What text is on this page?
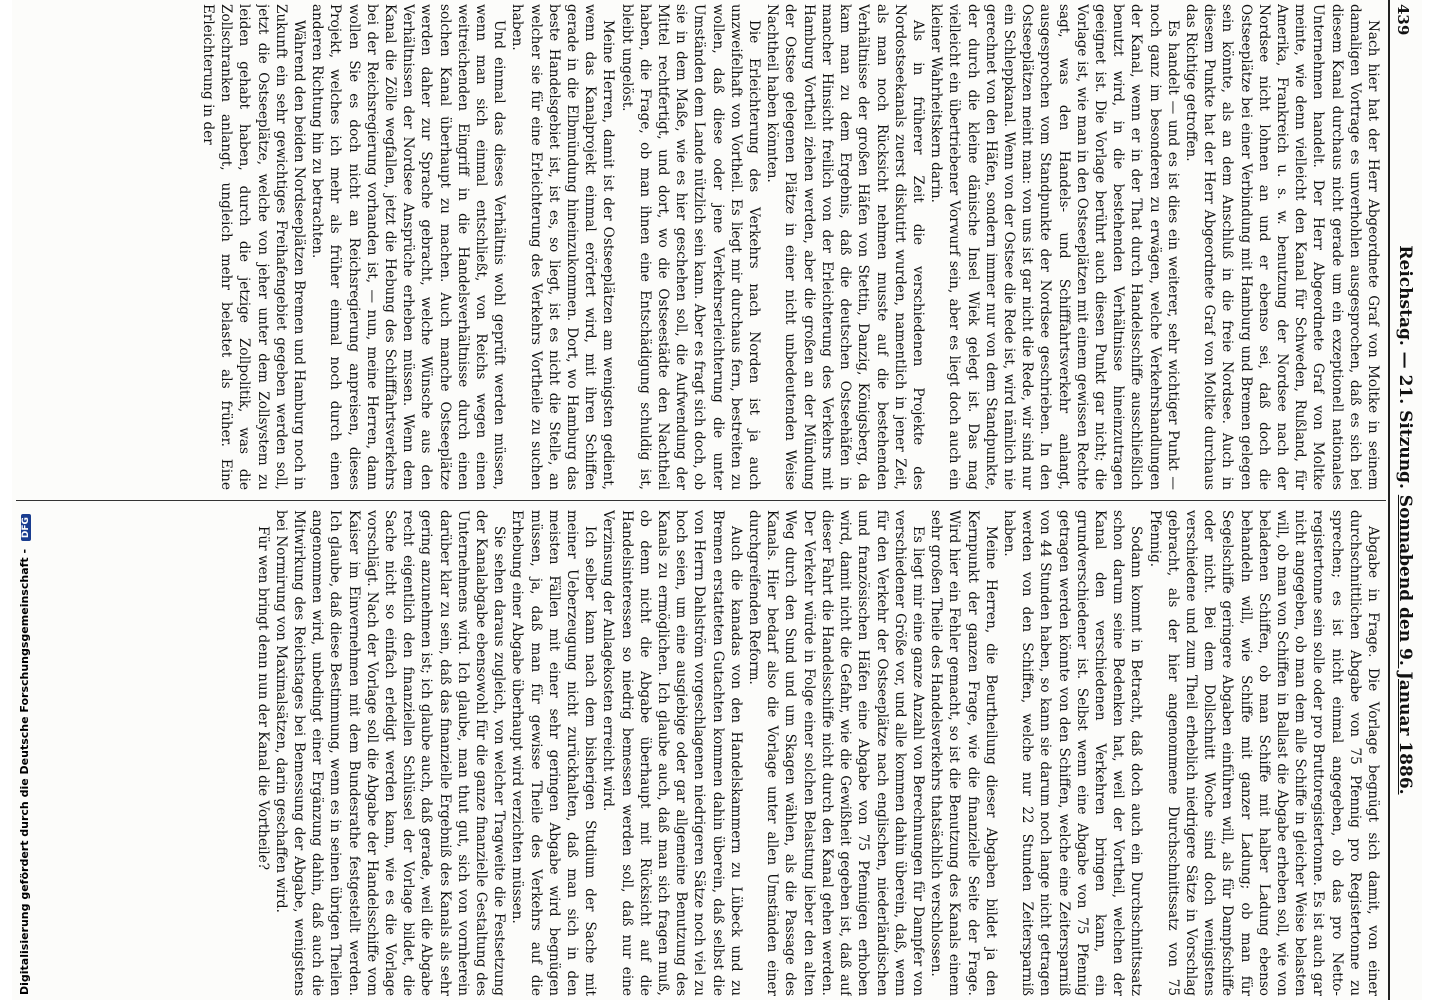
439
Reichstag. — 21. Sitzung. Sonnabend den 9. Januar 1886.

Nach hier hat der Herr Abgeordnete Graf von Moltke in seinem damaligen Vortrage es unverhohlen ausgesprochen, daß es sich bei diesem Kanal durchaus nicht gerade um ein exzeptionell nationales Unternehmen handelt. Der Herr Abgeordnete Graf von Moltke meinte, wie denn vielleicht den Kanal für Schweden, Rußland, für Amerika, Frankreich u. s. w. benutzung der Nordsee nach der Nordsee nicht lohnen an und er ebenso sei, daß doch die Ostseeplätze bei einer Verbindung mit Hamburg und Bremen gelegen sein könnte, als an dem Anschluß in die freie Nordsee. Auch in diesem Punkte hat der Herr Abgeordnete Graf von Moltke durchaus das Richtige getroffen.

Es handelt — und es ist dies ein weiterer, sehr wichtiger Punkt — noch ganz im besonderen zu erwägen, welche Verkehrshandlungen der Kanal, wenn er in der That durch Handelsschiffe ausschließlich benutzt wird, in die bestehenden Verhältnisse hineinzutragen geeignet ist. Die Vorlage berührt auch diesen Punkt gar nicht; die Vorlage ist, wie man in den Ostseeplätzen mit einem gewissen Rechte sagt, was den Handels- und Schifffahrtsverkehr anlangt, ausgesprochen vom Standpunkte der Nordsee geschrieben. In den Ostseeplätzen meint man: von uns ist gar nicht die Rede, wir sind nur ein Schleppkanal. Wenn von der Ostsee die Rede ist, wird nämlich nie gerechnet von den Häfen, sondern immer nur von dem Standpunkte, der durch die kleine dänische Insel Wiek gelegt ist. Das mag vielleicht ein übertriebener Vorwurf sein, aber es liegt doch auch ein kleiner Wahrheitskern darin.

Als in früherer Zeit die verschiedenen Projekte des Nordostseekanals zuerst diskutirt wurden, namentlich in jener Zeit, als man noch Rücksicht nehmen musste auf die bestehenden Verhältnisse der großen Häfen von Stettin, Danzig, Königsberg, da kam man zu dem Ergebnis, daß die deutschen Ostseehäfen in mancher Hinsicht freilich von der Erleichterung des Verkehrs mit Hamburg Vortheil ziehen werden, aber die großen an der Mündung der Ostsee gelegenen Plätze in einer nicht unbedeutenden Weise Nachtheil haben könnten.

Die Erleichterung des Verkehrs nach Norden ist ja auch unzweifelhaft von Vortheil. Es liegt mir durchaus fern, bestreiten zu wollen, daß diese oder jene Verkehrserleichterung die unter Umständen dem Lande nützlich sein kann. Aber es fragt sich doch, ob sie in dem Maße, wie es hier geschehen soll, die Aufwendung der Mittel rechtfertigt, und dort, wo die Ostseestädte den Nachtheil haben, die Frage, ob man ihnen eine Entschädigung schuldig ist, bleibt ungelöst.

Meine Herren, damit ist der Ostseeplätzen am wenigsten gedient, wenn das Kanalprojekt einmal erörtert wird, mit ihren Schiffen gerade in die Elbmündung hineinzukommen. Dort, wo Hamburg das beste Handelsgebiet ist, ist es, so liegt, ist es nicht die Stelle, an welcher sie für eine Erleichterung des Verkehrs Vortheile zu suchen haben.

Und einmal das dieses Verhältnis wohl geprüft werden müssen, wenn man sich einmal entschließt, von Reichs wegen einen weitreichenden Eingriff in die Handelsverhältnisse durch einen solchen Kanal überhaupt zu machen. Auch manche Ostseeplätze werden daher zur Sprache gebracht, welche Wünsche aus den Verhältnissen der Nordsee Ansprüche erheben müssen. Wenn dem Kanal die Zölle wegfallen, jetzt die Hebung des Schifffahrtsverkehrs bei der Reichsregierung vorhanden ist, — nun, meine Herren, dann wollen Sie es doch nicht an Reichsregierung anpreisen, dieses Projekt, welches ich mehr als früher einmal noch durch einen anderen Richtung hin zu betrachten.

Während den beiden Nordseeplätzen Bremen und Hamburg noch in Zukunft ein sehr gewichtiges Freihafengebiet gegeben werden soll, jetzt die Ostseeplätze, welche von jeher unter dem Zollsystem zu leiden gehabt haben, durch die jetzige Zollpolitik, was die Zollschranken anlangt, ungleich mehr belastet als früher. Eine Erleichterung in der

Abgabe in Frage. Die Vorlage begnügt sich damit, von einer durchschnittlichen Abgabe von 75 Pfennig pro Registertonne zu sprechen; es ist nicht einmal angegeben, ob das pro Netto-registertonne sein solle oder pro Bruttoregistertonne. Es ist auch gar nicht angegeben, ob man dem alle Schiffe in gleicher Weise belasten will, ob man von Schiffen in Ballast die Abgabe erheben soll, wie von beladenen Schiffen, ob man Schiffe mit halber Ladung ebenso behandeln will, wie Schiffe mit ganzer Ladung; ob man für Segelschiffe geringere Abgaben einführen will, als für Dampfschiffe oder nicht. Bei dem Dollschnitt Woche sind doch wenigstens verschiedene und zum Theil erheblich niedrigere Sätze in Vorschlag gebracht, als der hier angenommene Durchschnittssatz von 75 Pfennig.

Sodann kommt in Betracht, daß doch auch ein Durchschnittssatz schon darum seine Bedenken hat, weil der Vortheil, welchen der Kanal den verschiedenen Verkehren bringen kann, ein grundverschiedener ist. Selbst wenn eine Abgabe von 75 Pfennig getragen werden könnte von den Schiffen, welche eine Zeitersparniß von 44 Stunden haben, so kann sie darum noch lange nicht getragen werden von den Schiffen, welche nur 22 Stunden Zeitersparniß haben.

Meine Herren, die Beurtheilung dieser Abgaben bildet ja den Kernpunkt der ganzen Frage, wie die finanzielle Seite der Frage. Wird hier ein Fehler gemacht, so ist die Benutzung des Kanals einem sehr großen Theile des Handelsverkehrs thatsächlich verschlossen.

Es liegt mir eine ganze Anzahl von Berechnungen für Dampfer von verschiedener Größe vor, und alle kommen dahin überein, daß, wenn für den Verkehr der Ostseeplätze nach englischen, niederländischen und französischen Häfen eine Abgabe von 75 Pfennigen erhoben wird, damit nicht die Gefahr, wie die Gewißheit gegeben ist, daß auf dieser Fahrt die Handelsschiffe nicht durch den Kanal gehen werden. Der Verkehr würde in Folge einer solchen Belastung lieber den alten Weg durch den Sund und um Skagen wählen, als die Passage des Kanals. Hier bedarf also die Vorlage unter allen Umständen einer durchgreifenden Reform.

Auch die kanadas von den Handelskammern zu Lübeck und zu Bremen erstatteten Gutachten kommen dahin überein, daß selbst die von Herrn Dahlström vorgeschlagenen niedrigeren Sätze noch viel zu hoch seien, um eine ausgiebige oder gar allgemeine Benutzung des Kanals zu ermöglichen. Ich glaube auch, daß man sich fragen muß, ob denn nicht die Abgabe überhaupt mit Rücksicht auf die Handelsinteressen so niedrig bemessen werden soll, daß nur eine Verzinsung der Anlagekosten erreicht wird.

Ich selber kann nach dem bisherigen Studium der Sache mit meiner Ueberzeugung nicht zurückhalten, daß man sich in den meisten Fällen mit einer sehr geringen Abgabe wird begnügen müssen, ja, daß man für gewisse Theile des Verkehrs auf die Erhebung einer Abgabe überhaupt wird verzichten müssen.

Sie sehen daraus zugleich, von welcher Tragweite die Festsetzung der Kanalabgabe ebensowohl für die ganze finanzielle Gestaltung des Unternehmens wird. Ich glaube, man thut gut, sich von vornherein darüber klar zu sein, daß das finanzielle Ergebniß des Kanals als sehr gering anzunehmen ist; ich glaube auch, daß gerade, weil die Abgabe recht eigentlich den finanziellen Schlüssel der Vorlage bildet, die Sache nicht so einfach erledigt werden kann, wie es die Vorlage vorschlägt. Nach der Vorlage soll die Abgabe der Handelsschiffe vom Kaiser im Einvernehmen mit dem Bundesrathe festgestellt werden. Ich glaube, daß diese Bestimmung, wenn es in seinen übrigen Theilen angenommen wird, unbedingt einer Ergänzung dahin, daß auch die Mitwirkung des Reichstages bei Bemessung der Abgabe, wenigstens bei Normirung von Maximalsätzen, darin geschaffen wird.

Für wen bringt denn nun der Kanal die Vortheile?

Digitalisierung gefördert durch die Deutsche Forschungsgemeinschaft - DFG
